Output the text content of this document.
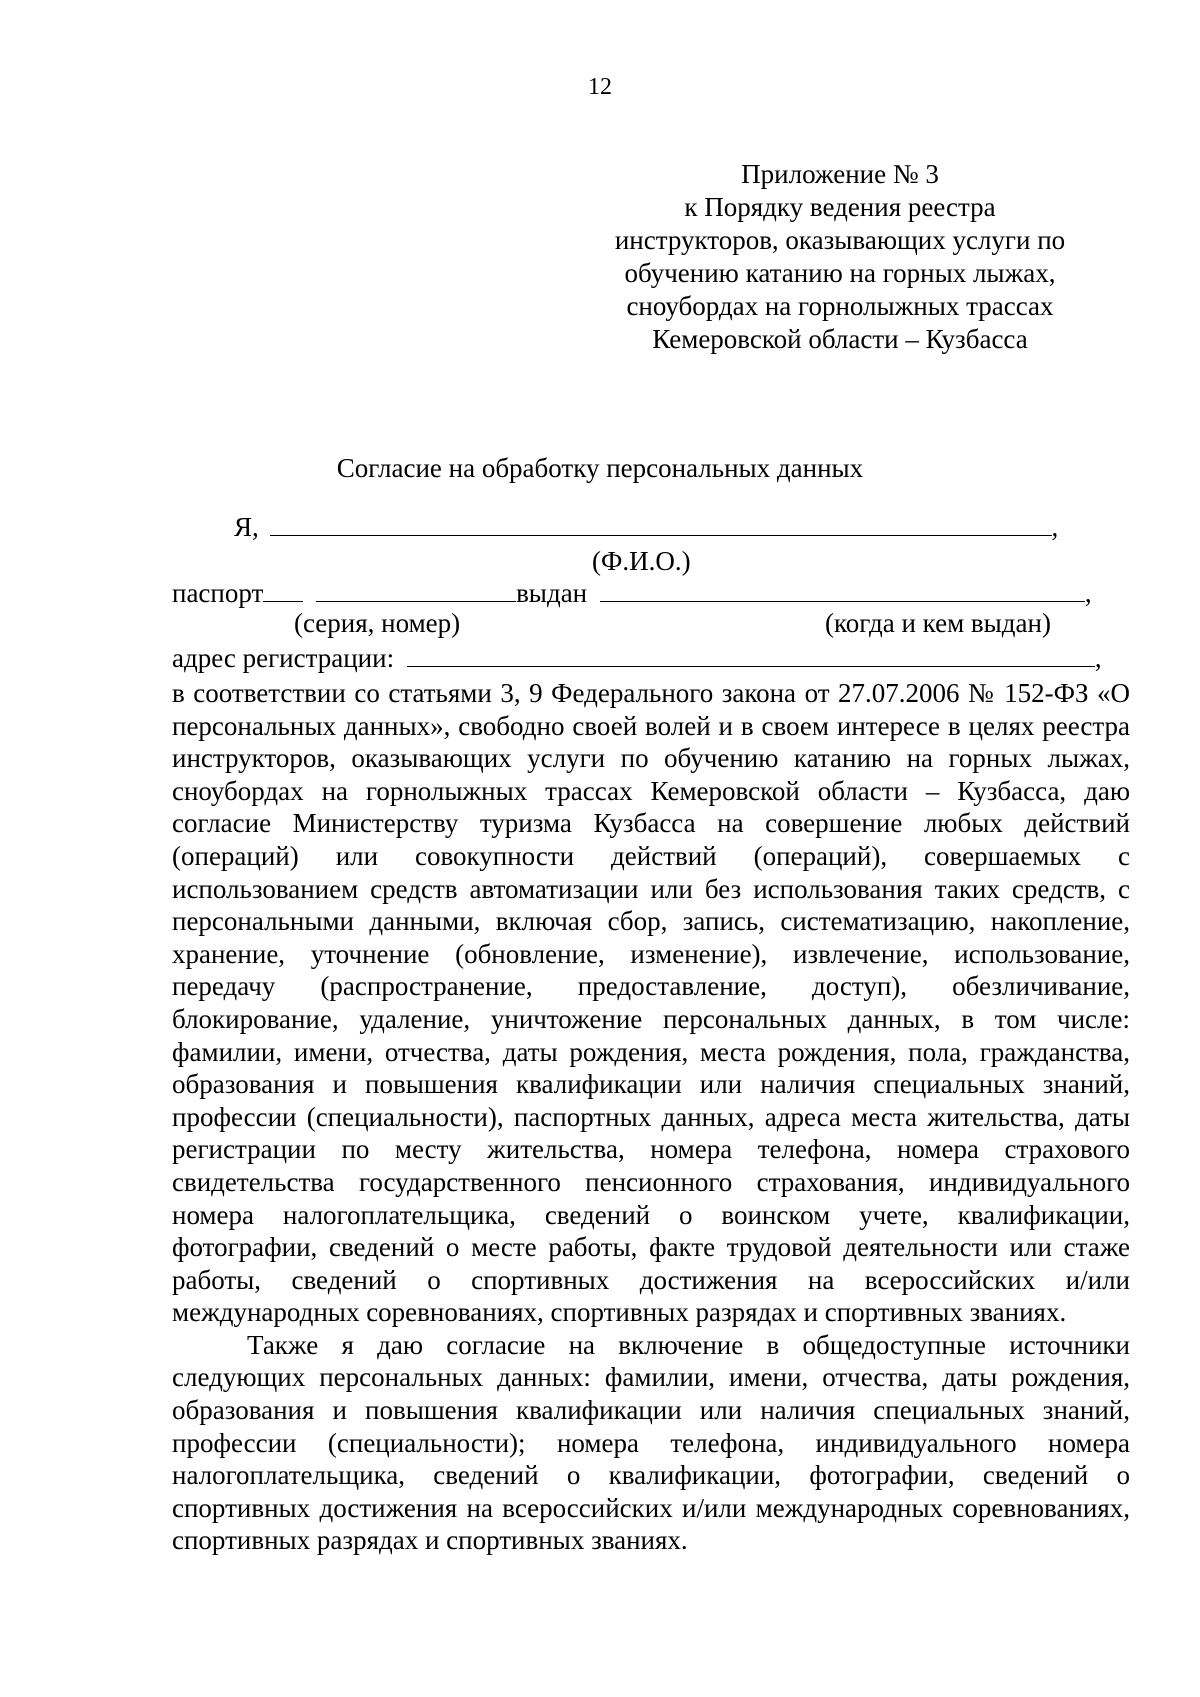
12
Приложение № 3
к Порядку ведения реестра
инструкторов, оказывающих услуги по
обучению катанию на горных лыжах,
сноубордах на горнолыжных трассах
Кемеровской области – Кузбасса
Согласие на обработку персональных данных
Я,	,
(Ф.И.О.)
паспорт	выдан	,
(серия, номер)	(когда и кем выдан)
адрес регистрации:	,

в соответствии со статьями 3, 9 Федерального закона от 27.07.2006 № 152-ФЗ «О персональных данных», свободно своей волей и в своем интересе в целях реестра инструкторов, оказывающих услуги по обучению катанию на горных лыжах, сноубордах на горнолыжных трассах Кемеровской области – Кузбасса, даю согласие Министерству туризма Кузбасса на совершение любых действий (операций) или совокупности действий (операций), совершаемых с использованием средств автоматизации или без использования таких средств, с персональными данными, включая сбор, запись, систематизацию, накопление, хранение, уточнение (обновление, изменение), извлечение, использование, передачу (распространение, предоставление, доступ), обезличивание, блокирование, удаление, уничтожение персональных данных, в том числе: фамилии, имени, отчества, даты рождения, места рождения, пола, гражданства, образования и повышения квалификации или наличия специальных знаний, профессии (специальности), паспортных данных, адреса места жительства, даты регистрации по месту жительства, номера телефона, номера страхового свидетельства государственного пенсионного страхования, индивидуального номера налогоплательщика, сведений о воинском учете, квалификации, фотографии, сведений о месте работы, факте трудовой деятельности или стаже работы, сведений о спортивных достижения на всероссийских и/или международных соревнованиях, спортивных разрядах и спортивных званиях.

Также я даю согласие на включение в общедоступные источники следующих персональных данных: фамилии, имени, отчества, даты рождения, образования и повышения квалификации или наличия специальных знаний, профессии (специальности); номера телефона, индивидуального номера налогоплательщика, сведений о квалификации, фотографии, сведений о спортивных достижения на всероссийских и/или международных соревнованиях, спортивных разрядах и спортивных званиях.
